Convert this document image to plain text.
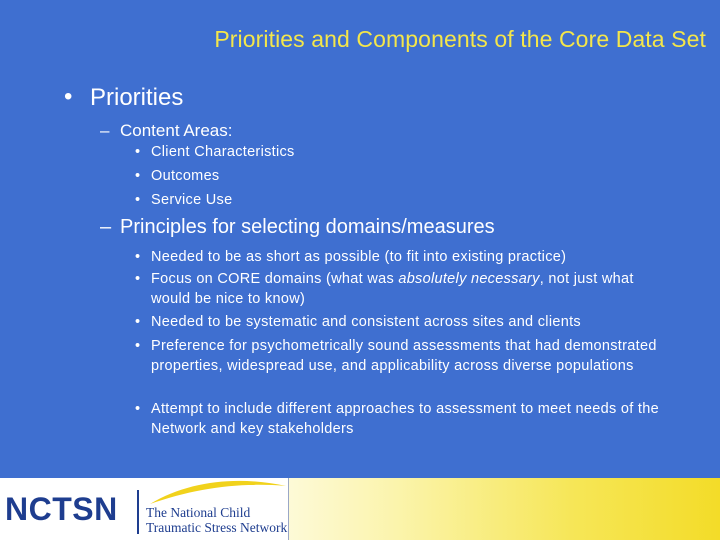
Priorities and Components of the Core Data Set
• Priorities
– Content Areas:
• Client Characteristics
• Outcomes
• Service Use
– Principles for selecting domains/measures
• Needed to be as short as possible (to fit into existing practice)
• Focus on CORE domains (what was absolutely necessary, not just what would be nice to know)
• Needed to be systematic and consistent across sites and clients
• Preference for psychometrically sound assessments that had demonstrated properties, widespread use, and applicability across diverse populations
• Attempt to include different approaches to assessment to meet needs of the Network and key stakeholders
NCTSN The National Child
Traumatic Stress Network
